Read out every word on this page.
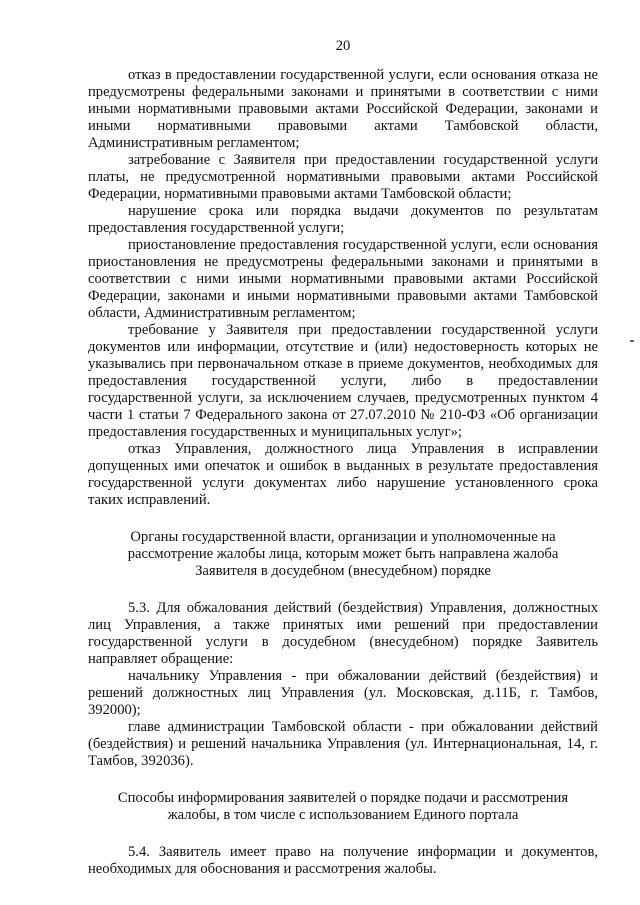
20

отказ в предоставлении государственной услуги, если основания отказа не предусмотрены федеральными законами и принятыми в соответствии с ними иными нормативными правовыми актами Российской Федерации, законами и иными нормативными правовыми актами Тамбовской области, Административным регламентом;

затребование с Заявителя при предоставлении государственной услуги платы, не предусмотренной нормативными правовыми актами Российской Федерации, нормативными правовыми актами Тамбовской области;

нарушение срока или порядка выдачи документов по результатам предоставления государственной услуги;

приостановление предоставления государственной услуги, если основания приостановления не предусмотрены федеральными законами и принятыми в соответствии с ними иными нормативными правовыми актами Российской Федерации, законами и иными нормативными правовыми актами Тамбовской области, Административным регламентом;

требование у Заявителя при предоставлении государственной услуги документов или информации, отсутствие и (или) недостоверность которых не указывались при первоначальном отказе в приеме документов, необходимых для предоставления государственной услуги, либо в предоставлении государственной услуги, за исключением случаев, предусмотренных пунктом 4 части 1 статьи 7 Федерального закона от 27.07.2010 № 210-ФЗ «Об организации предоставления государственных и муниципальных услуг»;

отказ Управления, должностного лица Управления в исправлении допущенных ими опечаток и ошибок в выданных в результате предоставления государственной услуги документах либо нарушение установленного срока таких исправлений.

Органы государственной власти, организации и уполномоченные на рассмотрение жалобы лица, которым может быть направлена жалоба Заявителя в досудебном (внесудебном) порядке

5.3. Для обжалования действий (бездействия) Управления, должностных лиц Управления, а также принятых ими решений при предоставлении государственной услуги в досудебном (внесудебном) порядке Заявитель направляет обращение:

начальнику Управления - при обжаловании действий (бездействия) и решений должностных лиц Управления (ул. Московская, д.11Б, г. Тамбов, 392000);

главе администрации Тамбовской области - при обжаловании действий (бездействия) и решений начальника Управления (ул. Интернациональная, 14, г. Тамбов, 392036).

Способы информирования заявителей о порядке подачи и рассмотрения жалобы, в том числе с использованием Единого портала

5.4. Заявитель имеет право на получение информации и документов, необходимых для обоснования и рассмотрения жалобы.
